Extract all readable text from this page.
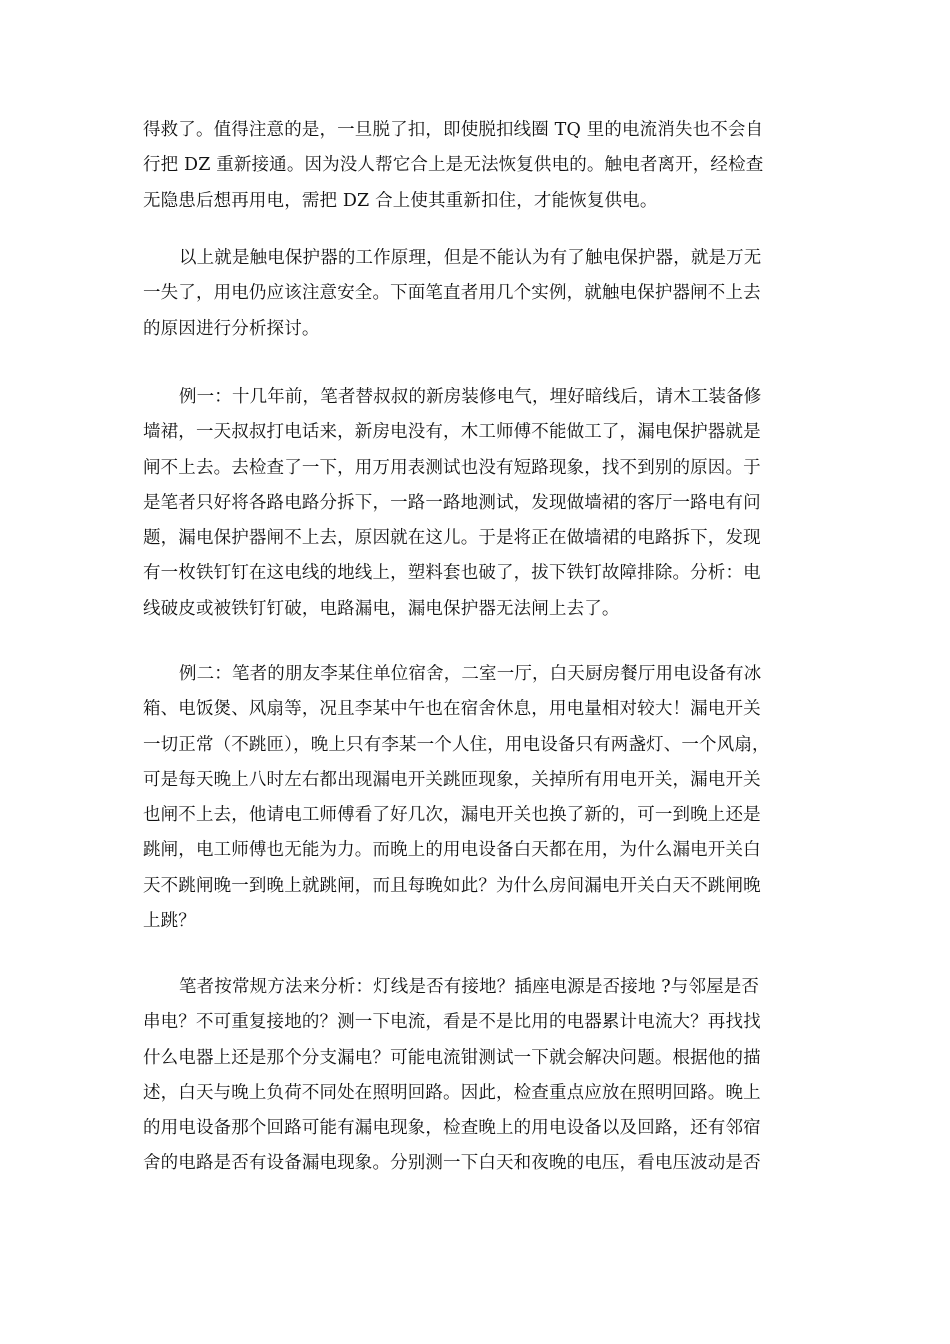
得救了。值得注意的是，一旦脱了扣，即使脱扣线圈 TQ 里的电流消失也不会自
行把 DZ 重新接通。因为没人帮它合上是无法恢复供电的。触电者离开，经检查
无隐患后想再用电，需把 DZ 合上使其重新扣住，才能恢复供电。
以上就是触电保护器的工作原理，但是不能认为有了触电保护器，就是万无
一失了，用电仍应该注意安全。下面笔直者用几个实例，就触电保护器闸不上去
的原因进行分析探讨。
例一：十几年前，笔者替叔叔的新房装修电气，埋好暗线后，请木工装备修
墙裙，一天叔叔打电话来，新房电没有，木工师傅不能做工了，漏电保护器就是
闸不上去。去检查了一下，用万用表测试也没有短路现象，找不到别的原因。于
是笔者只好将各路电路分拆下，一路一路地测试，发现做墙裙的客厅一路电有问
题，漏电保护器闸不上去，原因就在这儿。于是将正在做墙裙的电路拆下，发现
有一枚铁钉钉在这电线的地线上，塑料套也破了，拔下铁钉故障排除。分析：电
线破皮或被铁钉钉破，电路漏电，漏电保护器无法闸上去了。
例二：笔者的朋友李某住单位宿舍，二室一厅，白天厨房餐厅用电设备有冰
箱、电饭煲、风扇等，况且李某中午也在宿舍休息，用电量相对较大！漏电开关
一切正常（不跳匝），晚上只有李某一个人住，用电设备只有两盏灯、一个风扇，
可是每天晚上八时左右都出现漏电开关跳匝现象，关掉所有用电开关，漏电开关
也闸不上去，他请电工师傅看了好几次，漏电开关也换了新的，可一到晚上还是
跳闸，电工师傅也无能为力。而晚上的用电设备白天都在用，为什么漏电开关白
天不跳闸晚一到晚上就跳闸，而且每晚如此？为什么房间漏电开关白天不跳闸晚
上跳？
笔者按常规方法来分析：灯线是否有接地？插座电源是否接地 ?与邻屋是否
串电？不可重复接地的？测一下电流，看是不是比用的电器累计电流大？再找找
什么电器上还是那个分支漏电？可能电流钳测试一下就会解决问题。根据他的描
述，白天与晚上负荷不同处在照明回路。因此，检查重点应放在照明回路。晚上
的用电设备那个回路可能有漏电现象，检查晚上的用电设备以及回路，还有邻宿
舍的电路是否有设备漏电现象。分别测一下白天和夜晚的电压，看电压波动是否
